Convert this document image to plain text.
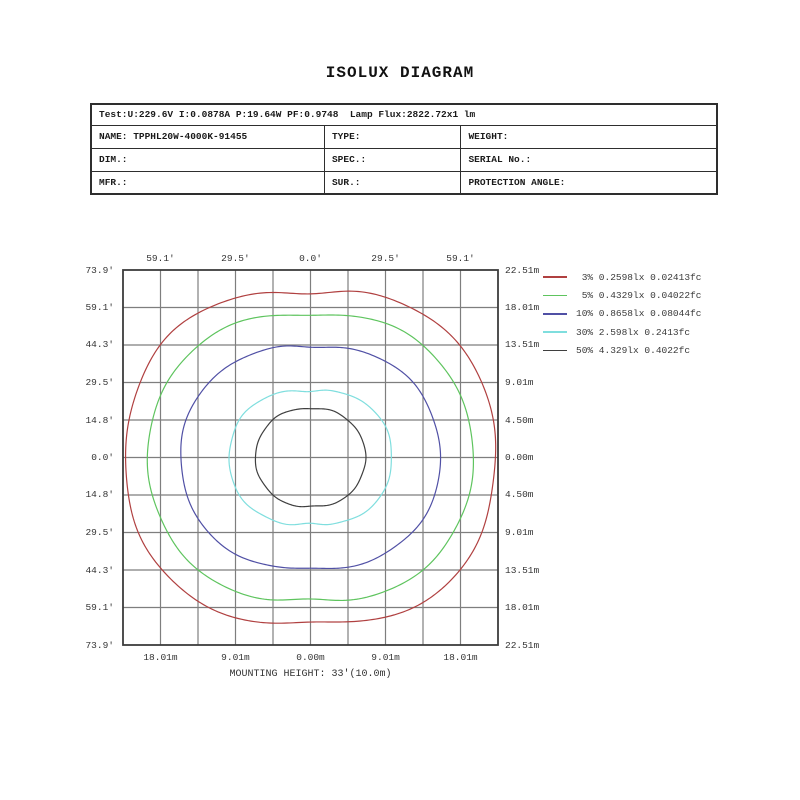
ISOLUX DIAGRAM
Test:U:229.6V I:0.0878A P:19.64W PF:0.9748  Lamp Flux:2822.72x1 lm		
NAME: TPPHL20W-4000K-91455	TYPE:	WEIGHT:
DIM.:	SPEC.:	SERIAL No.:
MFR.:	SUR.:	PROTECTION ANGLE:
59.1'	29.5'	0.0'	29.5'	59.1'
18.01m	9.01m	0.00m	9.01m	18.01m
73.9'
59.1'
44.3'
29.5'
14.8'
0.0'
14.8'
29.5'
44.3'
59.1'
73.9'
22.51m
18.01m
13.51m
9.01m
4.50m
0.00m
4.50m
9.01m
13.51m
18.01m
22.51m
3% 0.2598lx 0.02413fc
5% 0.4329lx 0.04022fc
10% 0.8658lx 0.08044fc
30% 2.598lx 0.2413fc
50% 4.329lx 0.4022fc
MOUNTING HEIGHT: 33'(10.0m)
